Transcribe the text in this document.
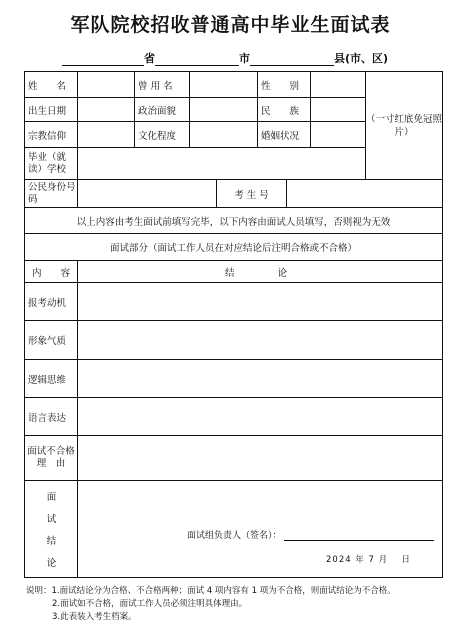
军队院校招收普通高中毕业生面试表
省	市	县(市、区)
姓　　名	曾 用 名	性　　别
（一寸红底免冠照片）
出生日期	政治面貌	民　　族
宗教信仰	文化程度	婚姻状况
毕业（就读）学校
公民身份号　　码	考 生 号
以上内容由考生面试前填写完毕，以下内容由面试人员填写，否则视为无效
面试部分（面试工作人员在对应结论后注明合格或不合格）
内　　容	结　　论
报考动机
形象气质
逻辑思维
语言表达
面试不合格理　由
面
试
结
论
面试组负责人（签名）：
2024 年 7 月　 日
说明：1.面试结论分为合格、不合格两种；面试 4 项内容有 1 项为不合格，则面试结论为不合格。
2.面试如不合格，面试工作人员必须注明具体理由。
3.此表装入考生档案。
